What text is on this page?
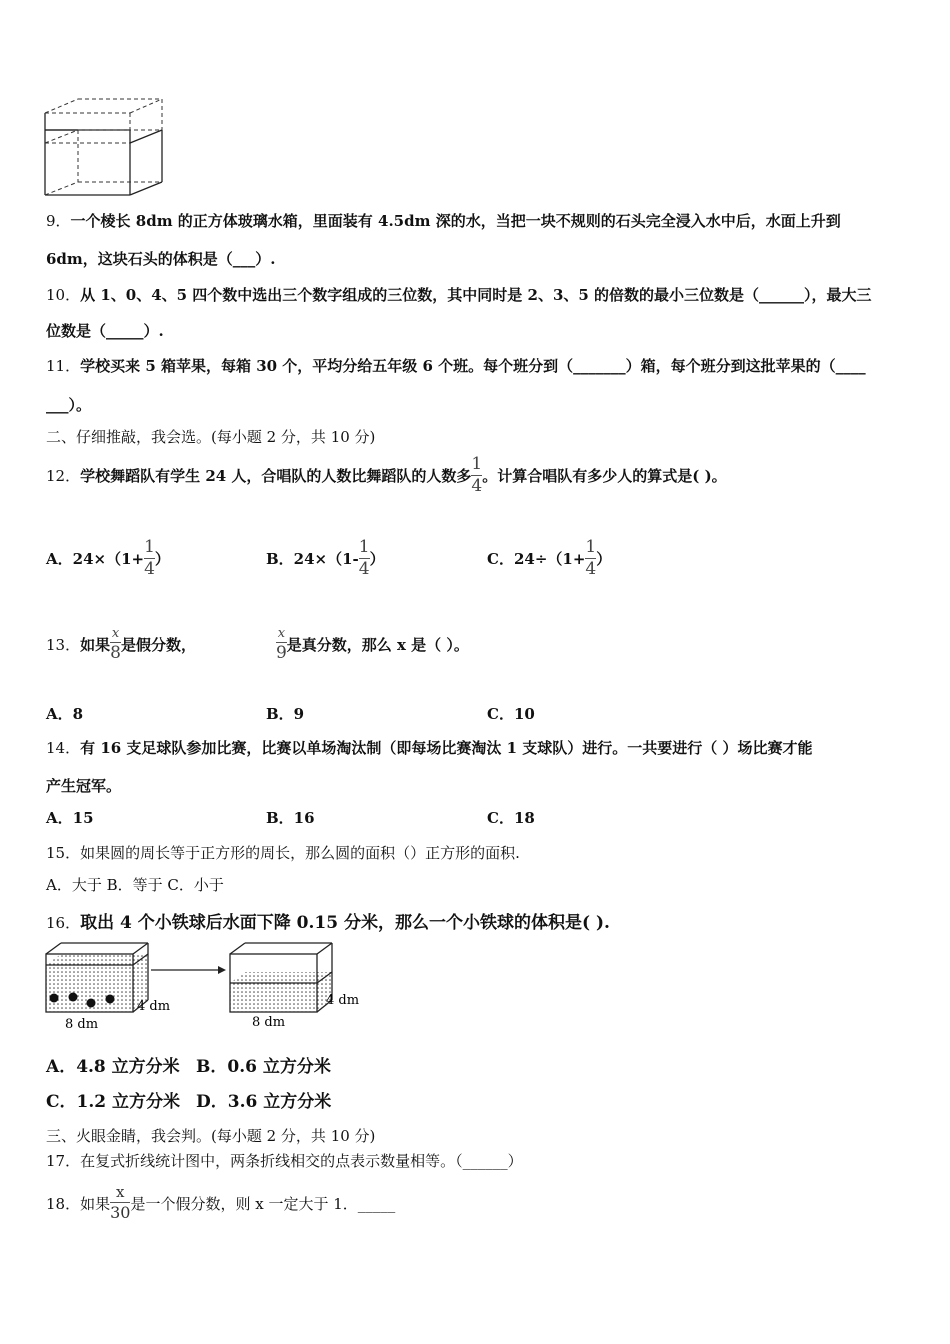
9．一个棱长 8dm 的正方体玻璃水箱，里面装有 4.5dm 深的水，当把一块不规则的石头完全浸入水中后，水面上升到
6dm，这块石头的体积是（___）.
10．从 1、0、4、5 四个数中选出三个数字组成的三位数，其中同时是 2、3、5 的倍数的最小三位数是（______），最大三
位数是（_____）.
11．学校买来 5 箱苹果，每箱 30 个，平均分给五年级 6 个班。每个班分到（_______）箱，每个班分到这批苹果的（____
___）。
二、仔细推敲，我会选。(每小题 2 分，共 10 分)
12． 学校舞蹈队有学生 24 人，合唱队的人数比舞蹈队的人数多 $\frac{1}{4}$ 。计算合唱队有多少人的算式是( )。
A．$24\times(1+ \frac{1}{4}$ ）	B．$24\times(1- \frac{1}{4}$ ）	C．$24\div(1+ \frac{1}{4}$ ）
13． 如果 $\frac{x}{8}$ 是假分数，	$\frac{x}{9}$ 是真分数，那么 x 是（ ）。
A．8	B．9	C．10
14．有 16 支足球队参加比赛，比赛以单场淘汰制（即每场比赛淘汰 1 支球队）进行。一共要进行（ ）场比赛才能
产生冠军。
A．15	B．16	C．18
15．如果圆的周长等于正方形的周长，那么圆的面积（）正方形的面积.
A．大于 B．等于 C．小于
16．取出 4 个小铁球后水面下降 0.15 分米，那么一个小铁球的体积是( ).
8 dm
4 dm
8 dm
4 dm
A．4.8 立方分米 B．0.6 立方分米
C．1.2 立方分米 D．3.6 立方分米
三、火眼金睛，我会判。(每小题 2 分，共 10 分)
17．在复式折线统计图中，两条折线相交的点表示数量相等。（______）
18． 如果 $\frac{x}{30}$ 是一个假分数，则 x 一定大于 1．_____
